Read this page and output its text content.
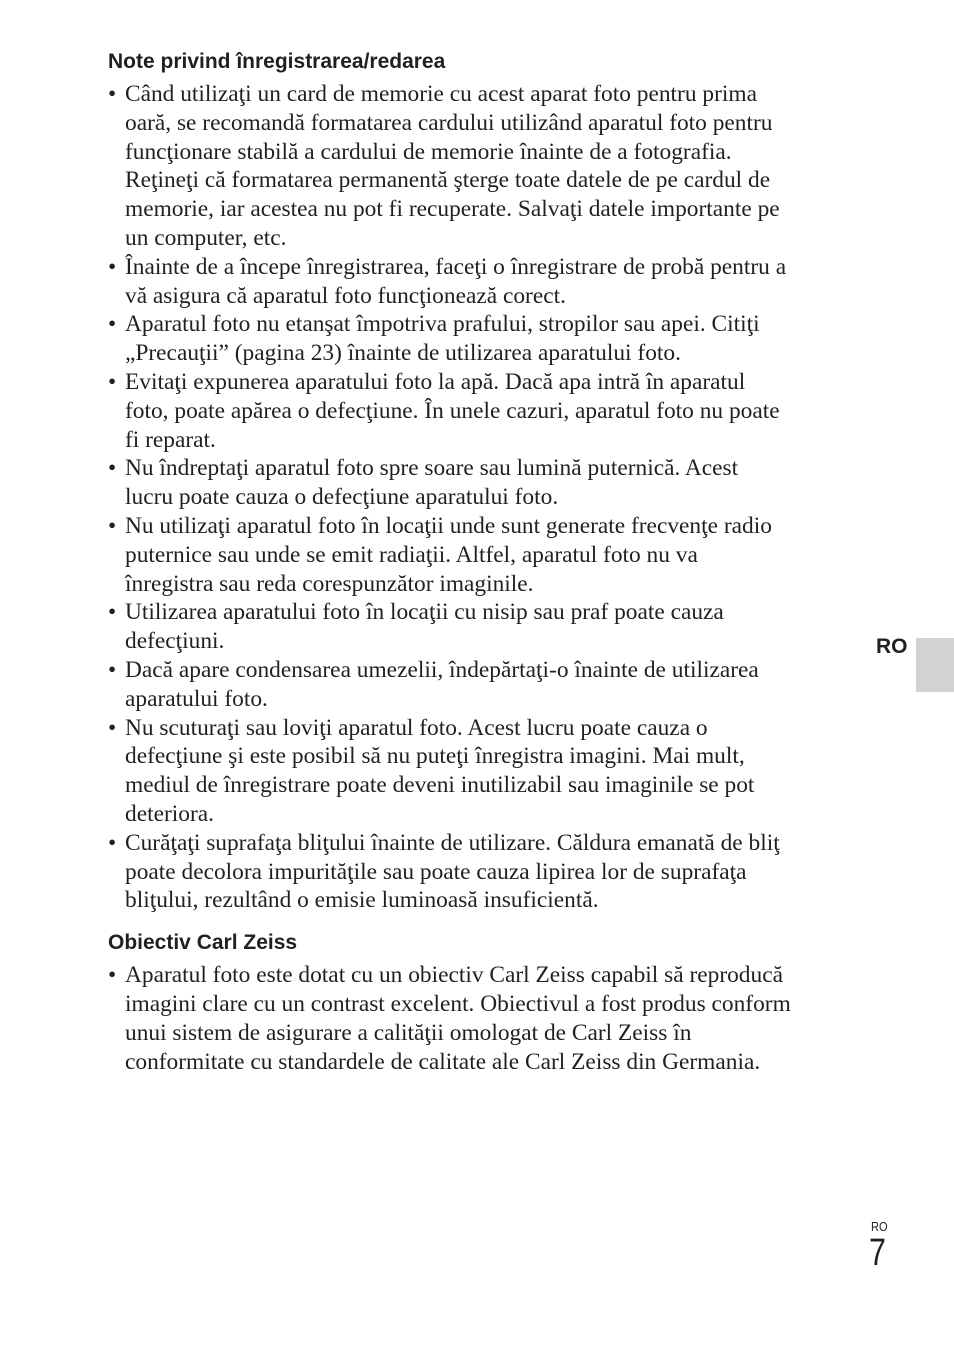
Note privind înregistrarea/redarea
• Când utilizaţi un card de memorie cu acest aparat foto pentru prima
oară, se recomandă formatarea cardului utilizând aparatul foto pentru
funcţionare stabilă a cardului de memorie înainte de a fotografia.
Reţineţi că formatarea permanentă şterge toate datele de pe cardul de
memorie, iar acestea nu pot fi recuperate. Salvaţi datele importante pe
un computer, etc.
• Înainte de a începe înregistrarea, faceţi o înregistrare de probă pentru a
vă asigura că aparatul foto funcţionează corect.
• Aparatul foto nu etanşat împotriva prafului, stropilor sau apei. Citiţi
„Precauţii” (pagina 23) înainte de utilizarea aparatului foto.
• Evitaţi expunerea aparatului foto la apă. Dacă apa intră în aparatul
foto, poate apărea o defecţiune. În unele cazuri, aparatul foto nu poate
fi reparat.
• Nu îndreptaţi aparatul foto spre soare sau lumină puternică. Acest
lucru poate cauza o defecţiune aparatului foto.
• Nu utilizaţi aparatul foto în locaţii unde sunt generate frecvenţe radio
puternice sau unde se emit radiaţii. Altfel, aparatul foto nu va
înregistra sau reda corespunzător imaginile.
• Utilizarea aparatului foto în locaţii cu nisip sau praf poate cauza
defecţiuni.
• Dacă apare condensarea umezelii, îndepărtaţi-o înainte de utilizarea
aparatului foto.
• Nu scuturaţi sau loviţi aparatul foto. Acest lucru poate cauza o
defecţiune şi este posibil să nu puteţi înregistra imagini. Mai mult,
mediul de înregistrare poate deveni inutilizabil sau imaginile se pot
deteriora.
• Curăţaţi suprafaţa bliţului înainte de utilizare. Căldura emanată de bliţ
poate decolora impurităţile sau poate cauza lipirea lor de suprafaţa
bliţului, rezultând o emisie luminoasă insuficientă.
Obiectiv Carl Zeiss
• Aparatul foto este dotat cu un obiectiv Carl Zeiss capabil să reproducă
imagini clare cu un contrast excelent. Obiectivul a fost produs conform
unui sistem de asigurare a calităţii omologat de Carl Zeiss în
conformitate cu standardele de calitate ale Carl Zeiss din Germania.
RO
RO
7
